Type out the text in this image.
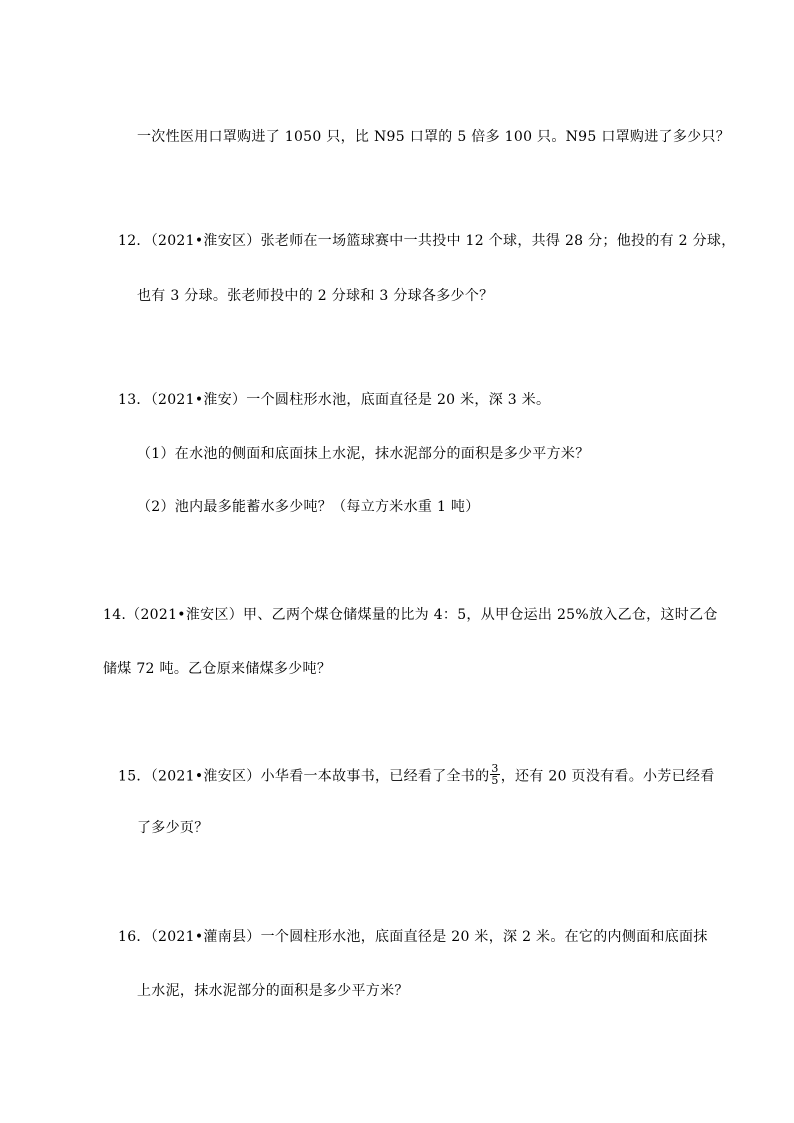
一次性医用口罩购进了 1050 只，比 N95 口罩的 5 倍多 100 只。N95 口罩购进了多少只？
12．（2021•淮安区）张老师在一场篮球赛中一共投中 12 个球，共得 28 分；他投的有 2 分球，
也有 3 分球。张老师投中的 2 分球和 3 分球各多少个？
13．（2021•淮安）一个圆柱形水池，底面直径是 20 米，深 3 米。
（1）在水池的侧面和底面抹上水泥，抹水泥部分的面积是多少平方米？
（2）池内最多能蓄水多少吨？（每立方米水重 1 吨）
14.（2021•淮安区）甲、乙两个煤仓储煤量的比为 4：5，从甲仓运出 25%放入乙仓，这时乙仓
储煤 72 吨。乙仓原来储煤多少吨？
15．（2021•淮安区）小华看一本故事书，已经看了全书的 $\frac{3}{5}$ ，还有 20 页没有看。小芳已经看
了多少页？
16．（2021•灌南县）一个圆柱形水池，底面直径是 20 米，深 2 米。在它的内侧面和底面抹
上水泥，抹水泥部分的面积是多少平方米？
